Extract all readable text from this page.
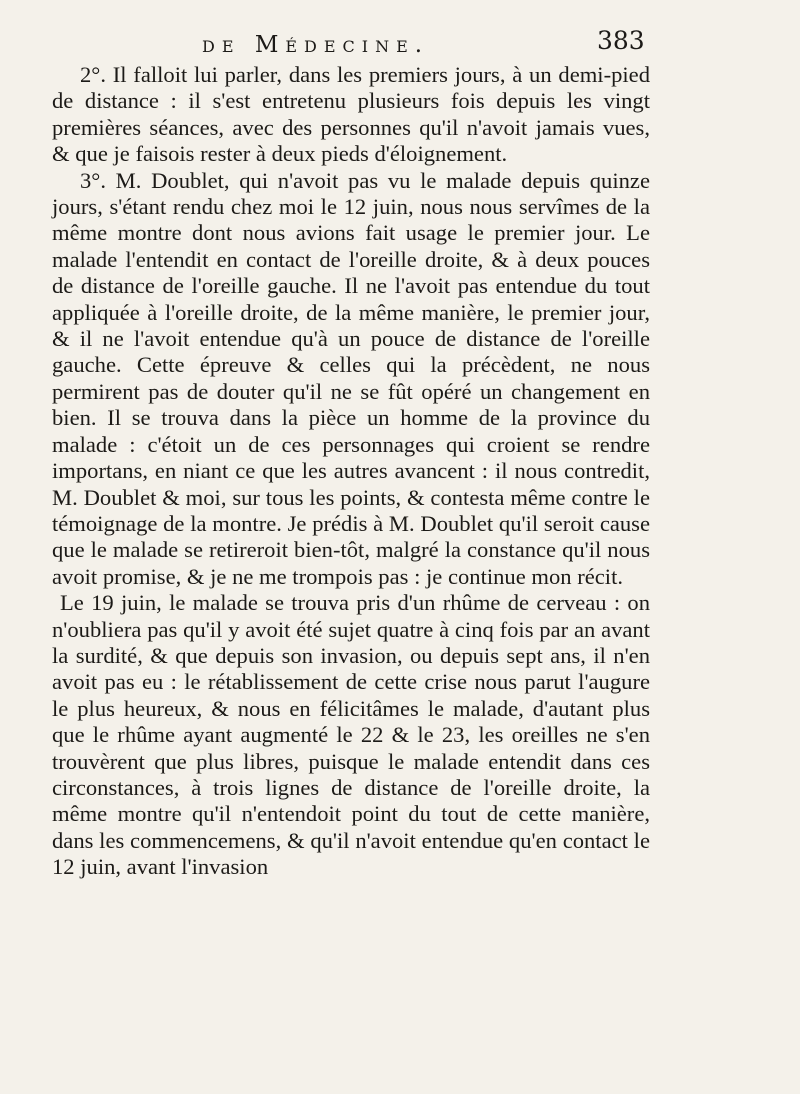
de Médecine.	383

2°. Il falloit lui parler, dans les premiers jours, à un demi-pied de distance : il s'est entretenu plusieurs fois depuis les vingt premières séances, avec des personnes qu'il n'avoit jamais vues, & que je faisois rester à deux pieds d'éloignement.

3°. M. Doublet, qui n'avoit pas vu le malade depuis quinze jours, s'étant rendu chez moi le 12 juin, nous nous servîmes de la même montre dont nous avions fait usage le premier jour. Le malade l'entendit en contact de l'oreille droite, & à deux pouces de distance de l'oreille gauche. Il ne l'avoit pas entendue du tout appliquée à l'oreille droite, de la même manière, le premier jour, & il ne l'avoit entendue qu'à un pouce de distance de l'oreille gauche. Cette épreuve & celles qui la précèdent, ne nous permirent pas de douter qu'il ne se fût opéré un changement en bien. Il se trouva dans la pièce un homme de la province du malade : c'étoit un de ces personnages qui croient se rendre importans, en niant ce que les autres avancent : il nous contredit, M. Doublet & moi, sur tous les points, & contesta même contre le témoignage de la montre. Je prédis à M. Doublet qu'il seroit cause que le malade se retireroit bien-tôt, malgré la constance qu'il nous avoit promise, & je ne me trompois pas : je continue mon récit.

Le 19 juin, le malade se trouva pris d'un rhûme de cerveau : on n'oubliera pas qu'il y avoit été sujet quatre à cinq fois par an avant la surdité, & que depuis son invasion, ou depuis sept ans, il n'en avoit pas eu : le rétablissement de cette crise nous parut l'augure le plus heureux, & nous en félicitâmes le malade, d'autant plus que le rhûme ayant augmenté le 22 & le 23, les oreilles ne s'en trouvèrent que plus libres, puisque le malade entendit dans ces circonstances, à trois lignes de distance de l'oreille droite, la même montre qu'il n'entendoit point du tout de cette manière, dans les commencemens, & qu'il n'avoit entendue qu'en contact le 12 juin, avant l'invasion
